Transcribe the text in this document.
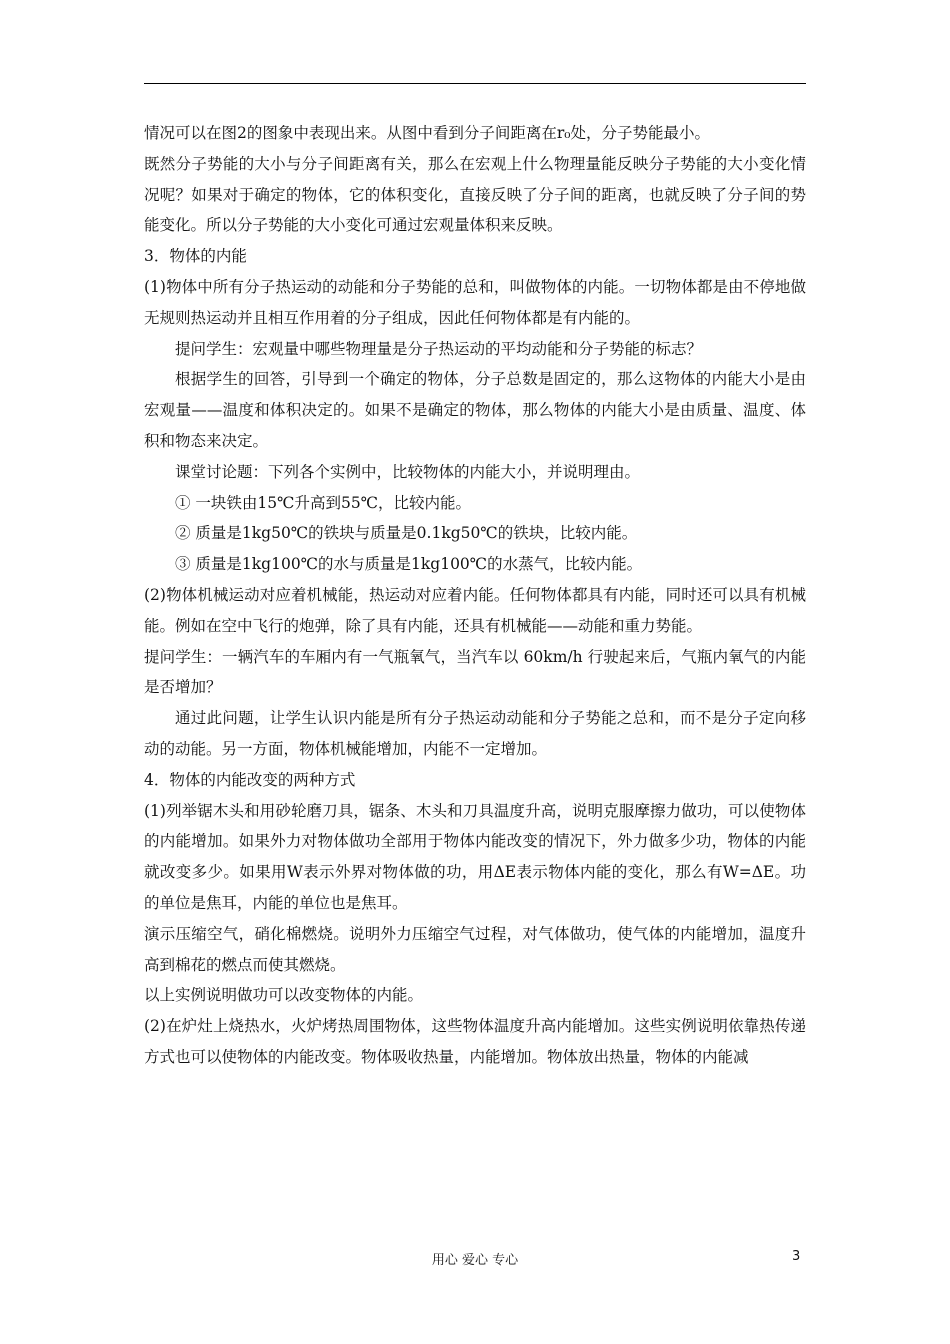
情况可以在图2的图象中表现出来。从图中看到分子间距离在r₀处，分子势能最小。

既然分子势能的大小与分子间距离有关，那么在宏观上什么物理量能反映分子势能的大小变化情况呢？如果对于确定的物体，它的体积变化，直接反映了分子间的距离，也就反映了分子间的势能变化。所以分子势能的大小变化可通过宏观量体积来反映。

3．物体的内能

(1)物体中所有分子热运动的动能和分子势能的总和，叫做物体的内能。一切物体都是由不停地做无规则热运动并且相互作用着的分子组成，因此任何物体都是有内能的。

提问学生：宏观量中哪些物理量是分子热运动的平均动能和分子势能的标志？

根据学生的回答，引导到一个确定的物体，分子总数是固定的，那么这物体的内能大小是由宏观量——温度和体积决定的。如果不是确定的物体，那么物体的内能大小是由质量、温度、体积和物态来决定。

课堂讨论题：下列各个实例中，比较物体的内能大小，并说明理由。

① 一块铁由15℃升高到55℃，比较内能。

② 质量是1kg50℃的铁块与质量是0.1kg50℃的铁块，比较内能。

③ 质量是1kg100℃的水与质量是1kg100℃的水蒸气，比较内能。

(2)物体机械运动对应着机械能，热运动对应着内能。任何物体都具有内能，同时还可以具有机械能。例如在空中飞行的炮弹，除了具有内能，还具有机械能——动能和重力势能。

提问学生：一辆汽车的车厢内有一气瓶氧气，当汽车以 60km/h 行驶起来后，气瓶内氧气的内能是否增加？

通过此问题，让学生认识内能是所有分子热运动动能和分子势能之总和，而不是分子定向移动的动能。另一方面，物体机械能增加，内能不一定增加。

4．物体的内能改变的两种方式

(1)列举锯木头和用砂轮磨刀具，锯条、木头和刀具温度升高，说明克服摩擦力做功，可以使物体的内能增加。如果外力对物体做功全部用于物体内能改变的情况下，外力做多少功，物体的内能就改变多少。如果用W表示外界对物体做的功，用ΔE表示物体内能的变化，那么有W=ΔE。功的单位是焦耳，内能的单位也是焦耳。

演示压缩空气，硝化棉燃烧。说明外力压缩空气过程，对气体做功，使气体的内能增加，温度升高到棉花的燃点而使其燃烧。

以上实例说明做功可以改变物体的内能。

(2)在炉灶上烧热水，火炉烤热周围物体，这些物体温度升高内能增加。这些实例说明依靠热传递方式也可以使物体的内能改变。物体吸收热量，内能增加。物体放出热量，物体的内能减

用心 爱心 专心	3
